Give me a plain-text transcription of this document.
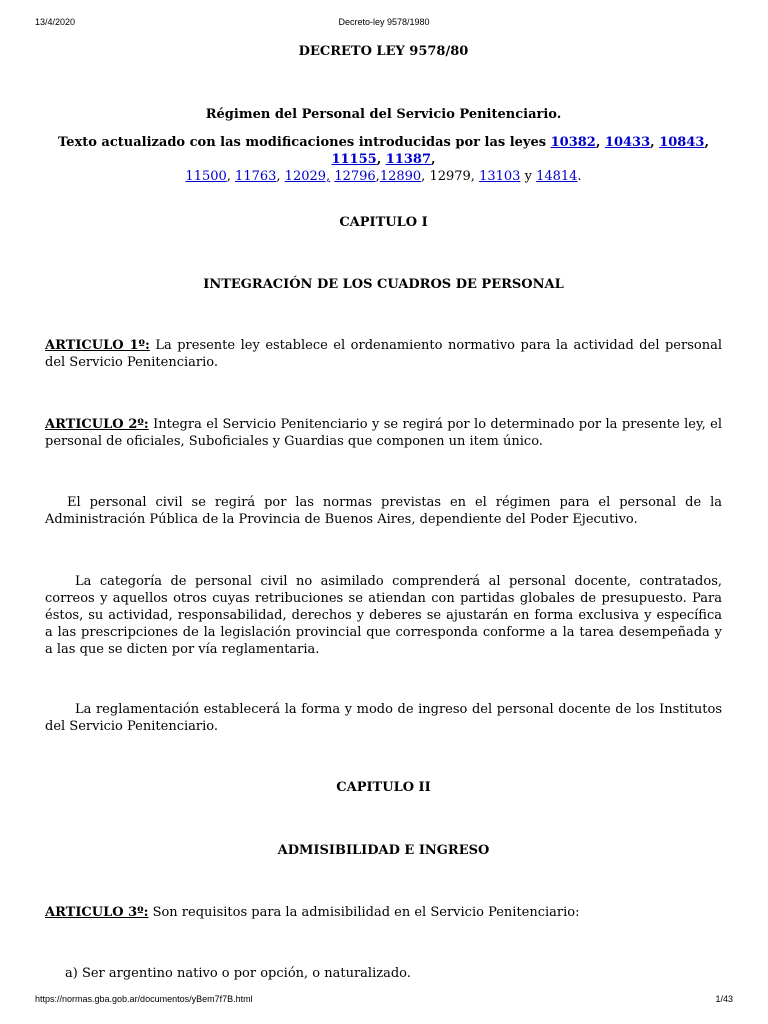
13/4/2020	Decreto-ley 9578/1980
DECRETO LEY 9578/80
Régimen del Personal del Servicio Penitenciario.
Texto actualizado con las modificaciones introducidas por las leyes 10382, 10433, 10843, 11155, 11387,
11500, 11763, 12029, 12796,12890, 12979, 13103 y 14814.
CAPITULO I
INTEGRACIÓN DE LOS CUADROS DE PERSONAL
ARTICULO 1º: La presente ley establece el ordenamiento normativo para la actividad del personal del Servicio Penitenciario.
ARTICULO 2º: Integra el Servicio Penitenciario y se regirá por lo determinado por la presente ley, el personal de oficiales, Suboficiales y Guardias que componen un item único.
El personal civil se regirá por las normas previstas en el régimen para el personal de la Administración Pública de la Provincia de Buenos Aires, dependiente del Poder Ejecutivo.
La categoría de personal civil no asimilado comprenderá al personal docente, contratados, correos y aquellos otros cuyas retribuciones se atiendan con partidas globales de presupuesto. Para éstos, su actividad, responsabilidad, derechos y deberes se ajustarán en forma exclusiva y específica a las prescripciones de la legislación provincial que corresponda conforme a la tarea desempeñada y a las que se dicten por vía reglamentaria.
La reglamentación establecerá la forma y modo de ingreso del personal docente de los Institutos del Servicio Penitenciario.
CAPITULO II
ADMISIBILIDAD E INGRESO
ARTICULO 3º: Son requisitos para la admisibilidad en el Servicio Penitenciario:
a) Ser argentino nativo o por opción, o naturalizado.
https://normas.gba.gob.ar/documentos/yBem7f7B.html	1/43
